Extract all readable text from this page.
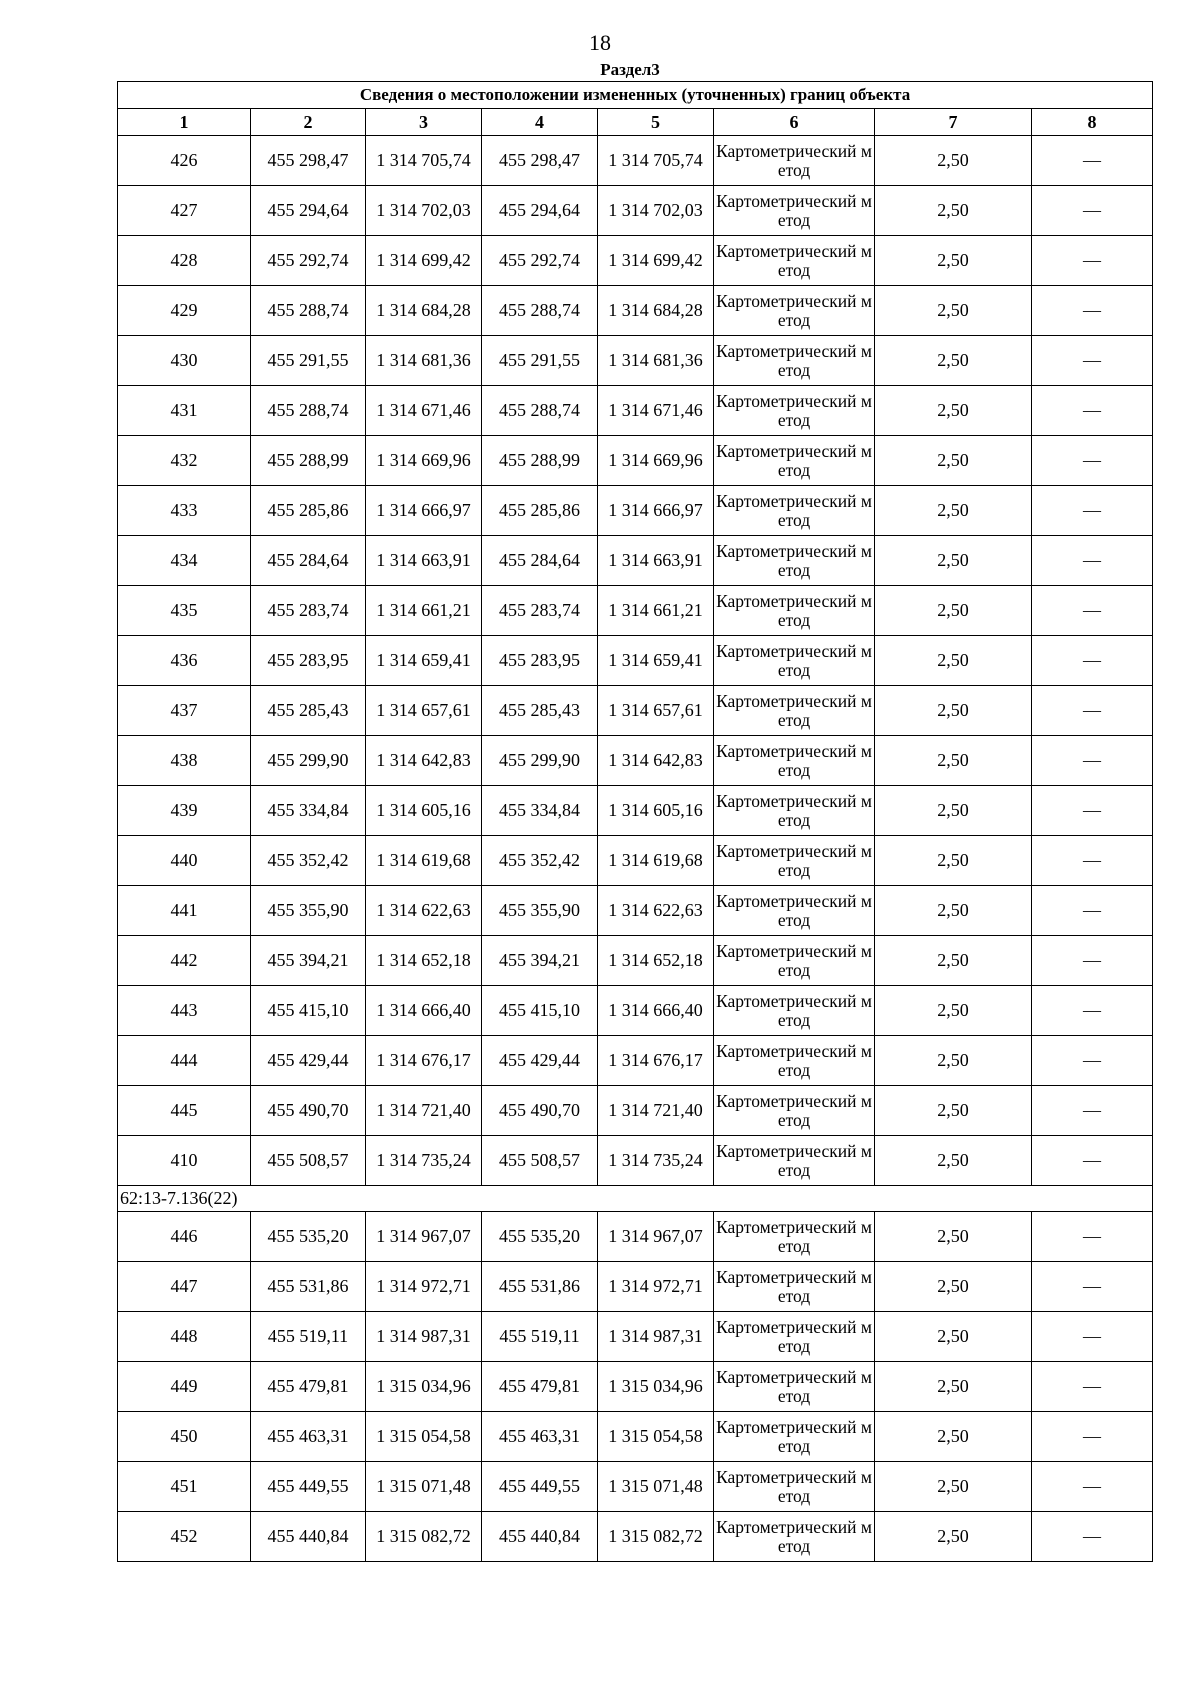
18
Раздел3
Сведения о местоположении измененных (уточненных) границ объекта							
1	2	3	4	5	6	7	8
426	455 298,47	1 314 705,74	455 298,47	1 314 705,74	Картометрический метод	2,50	—
427	455 294,64	1 314 702,03	455 294,64	1 314 702,03	Картометрический метод	2,50	—
428	455 292,74	1 314 699,42	455 292,74	1 314 699,42	Картометрический метод	2,50	—
429	455 288,74	1 314 684,28	455 288,74	1 314 684,28	Картометрический метод	2,50	—
430	455 291,55	1 314 681,36	455 291,55	1 314 681,36	Картометрический метод	2,50	—
431	455 288,74	1 314 671,46	455 288,74	1 314 671,46	Картометрический метод	2,50	—
432	455 288,99	1 314 669,96	455 288,99	1 314 669,96	Картометрический метод	2,50	—
433	455 285,86	1 314 666,97	455 285,86	1 314 666,97	Картометрический метод	2,50	—
434	455 284,64	1 314 663,91	455 284,64	1 314 663,91	Картометрический метод	2,50	—
435	455 283,74	1 314 661,21	455 283,74	1 314 661,21	Картометрический метод	2,50	—
436	455 283,95	1 314 659,41	455 283,95	1 314 659,41	Картометрический метод	2,50	—
437	455 285,43	1 314 657,61	455 285,43	1 314 657,61	Картометрический метод	2,50	—
438	455 299,90	1 314 642,83	455 299,90	1 314 642,83	Картометрический метод	2,50	—
439	455 334,84	1 314 605,16	455 334,84	1 314 605,16	Картометрический метод	2,50	—
440	455 352,42	1 314 619,68	455 352,42	1 314 619,68	Картометрический метод	2,50	—
441	455 355,90	1 314 622,63	455 355,90	1 314 622,63	Картометрический метод	2,50	—
442	455 394,21	1 314 652,18	455 394,21	1 314 652,18	Картометрический метод	2,50	—
443	455 415,10	1 314 666,40	455 415,10	1 314 666,40	Картометрический метод	2,50	—
444	455 429,44	1 314 676,17	455 429,44	1 314 676,17	Картометрический метод	2,50	—
445	455 490,70	1 314 721,40	455 490,70	1 314 721,40	Картометрический метод	2,50	—
410	455 508,57	1 314 735,24	455 508,57	1 314 735,24	Картометрический метод	2,50	—
62:13-7.136(22)							
446	455 535,20	1 314 967,07	455 535,20	1 314 967,07	Картометрический метод	2,50	—
447	455 531,86	1 314 972,71	455 531,86	1 314 972,71	Картометрический метод	2,50	—
448	455 519,11	1 314 987,31	455 519,11	1 314 987,31	Картометрический метод	2,50	—
449	455 479,81	1 315 034,96	455 479,81	1 315 034,96	Картометрический метод	2,50	—
450	455 463,31	1 315 054,58	455 463,31	1 315 054,58	Картометрический метод	2,50	—
451	455 449,55	1 315 071,48	455 449,55	1 315 071,48	Картометрический метод	2,50	—
452	455 440,84	1 315 082,72	455 440,84	1 315 082,72	Картометрический метод	2,50	—
